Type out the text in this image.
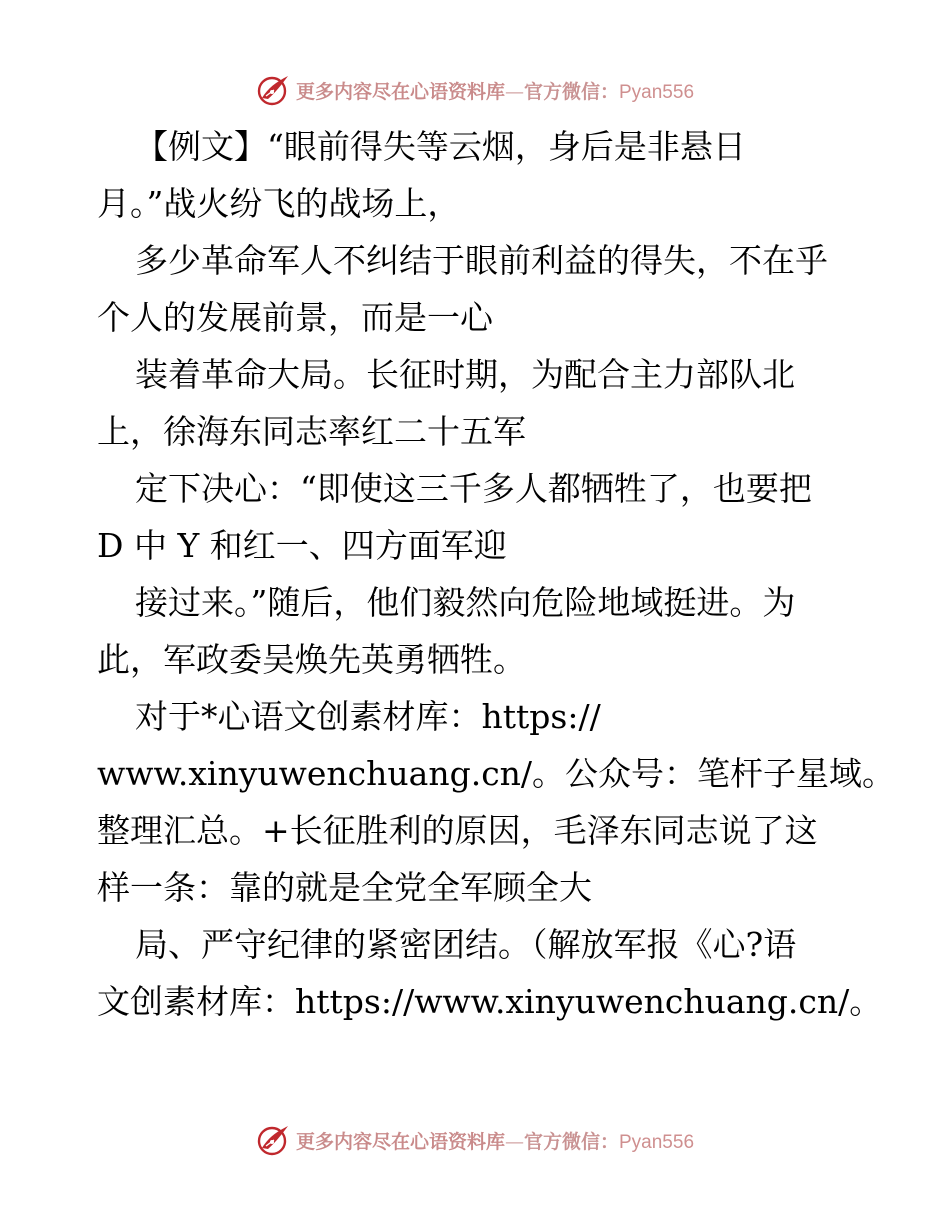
更多内容尽在心语资料库—官方微信：Pyan556
【例文】“眼前得失等云烟，身后是非悬日
月。”战火纷飞的战场上，
多少革命军人不纠结于眼前利益的得失，不在乎
个人的发展前景，而是一心
装着革命大局。长征时期，为配合主力部队北
上，徐海东同志率红二十五军
定下决心：“即使这三千多人都牺牲了，也要把
D 中 Y 和红一、四方面军迎
接过来。”随后，他们毅然向危险地域挺进。为
此，军政委吴焕先英勇牺牲。
对于*心语文创素材库：https://
www.xinyuwenchuang.cn/。公众号：笔杆子星域。
整理汇总。+长征胜利的原因，毛泽东同志说了这
样一条：靠的就是全党全军顾全大
局、严守纪律的紧密团结。（解放军报《心?语
文创素材库：https://www.xinyuwenchuang.cn/。
更多内容尽在心语资料库—官方微信：Pyan556
